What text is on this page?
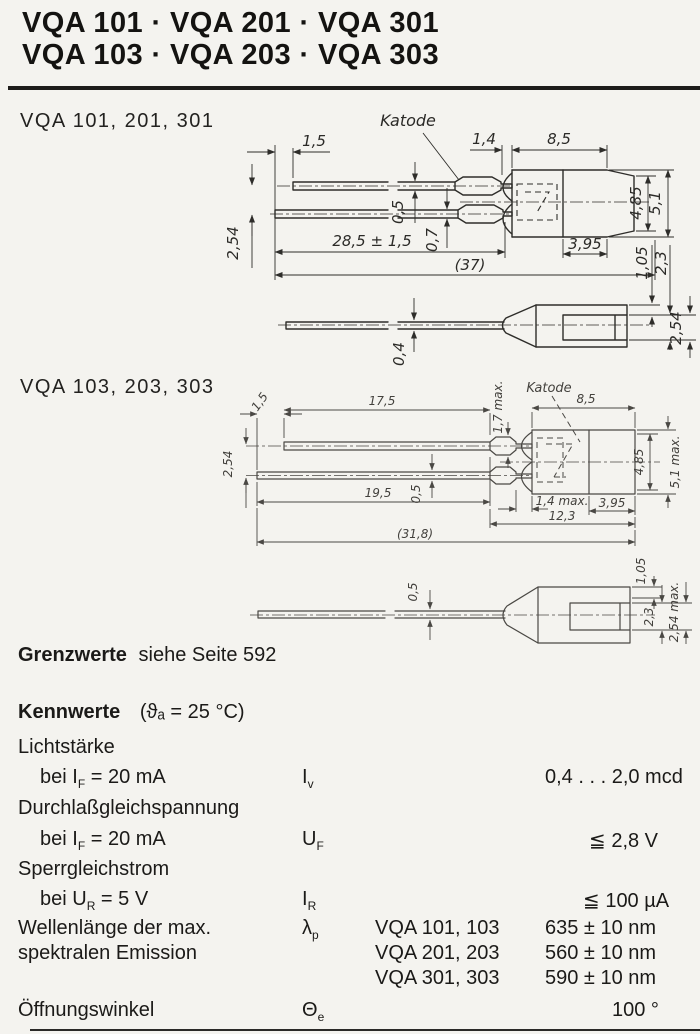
VQA 101 · VQA 201 · VQA 301
VQA 103 · VQA 203 · VQA 303
VQA 101, 201, 301
VQA 103, 203, 303
Katode
1,5	1,4	8,5
0,5
0,7
2,54	28,5 ± 1,5
(37)
4,85 5,1
3,95
1,05 2,3
0,4
2,54
Katode
1,5	17,5	1,7 max.	8,5
2,54
0,5
19,5
1,4 max. 3,95
12,3
(31,8)
4,85 5,1 max.
0,5
1,05
2,3 2,54 max.
Grenzwerte siehe Seite 592
Kennwerte (ϑₐ = 25 °C)
Lichtstärke
bei $I_F = 20$ mA	$I_v$	0,4 . . . 2,0 mcd
Durchlaßgleichspannung
bei $I_F = 20$ mA	$U_F$	≦ 2,8 V
Sperrgleichstrom
bei $U_R = 5$ V	$I_R$	≦ 100 µA
Wellenlänge der max.
spektralen Emission
$\lambda_p$	VQA 101, 103 635 ± 10 nm
VQA 201, 203 560 ± 10 nm
VQA 301, 303 590 ± 10 nm
Öffnungswinkel	$\Theta_e$	100 °
